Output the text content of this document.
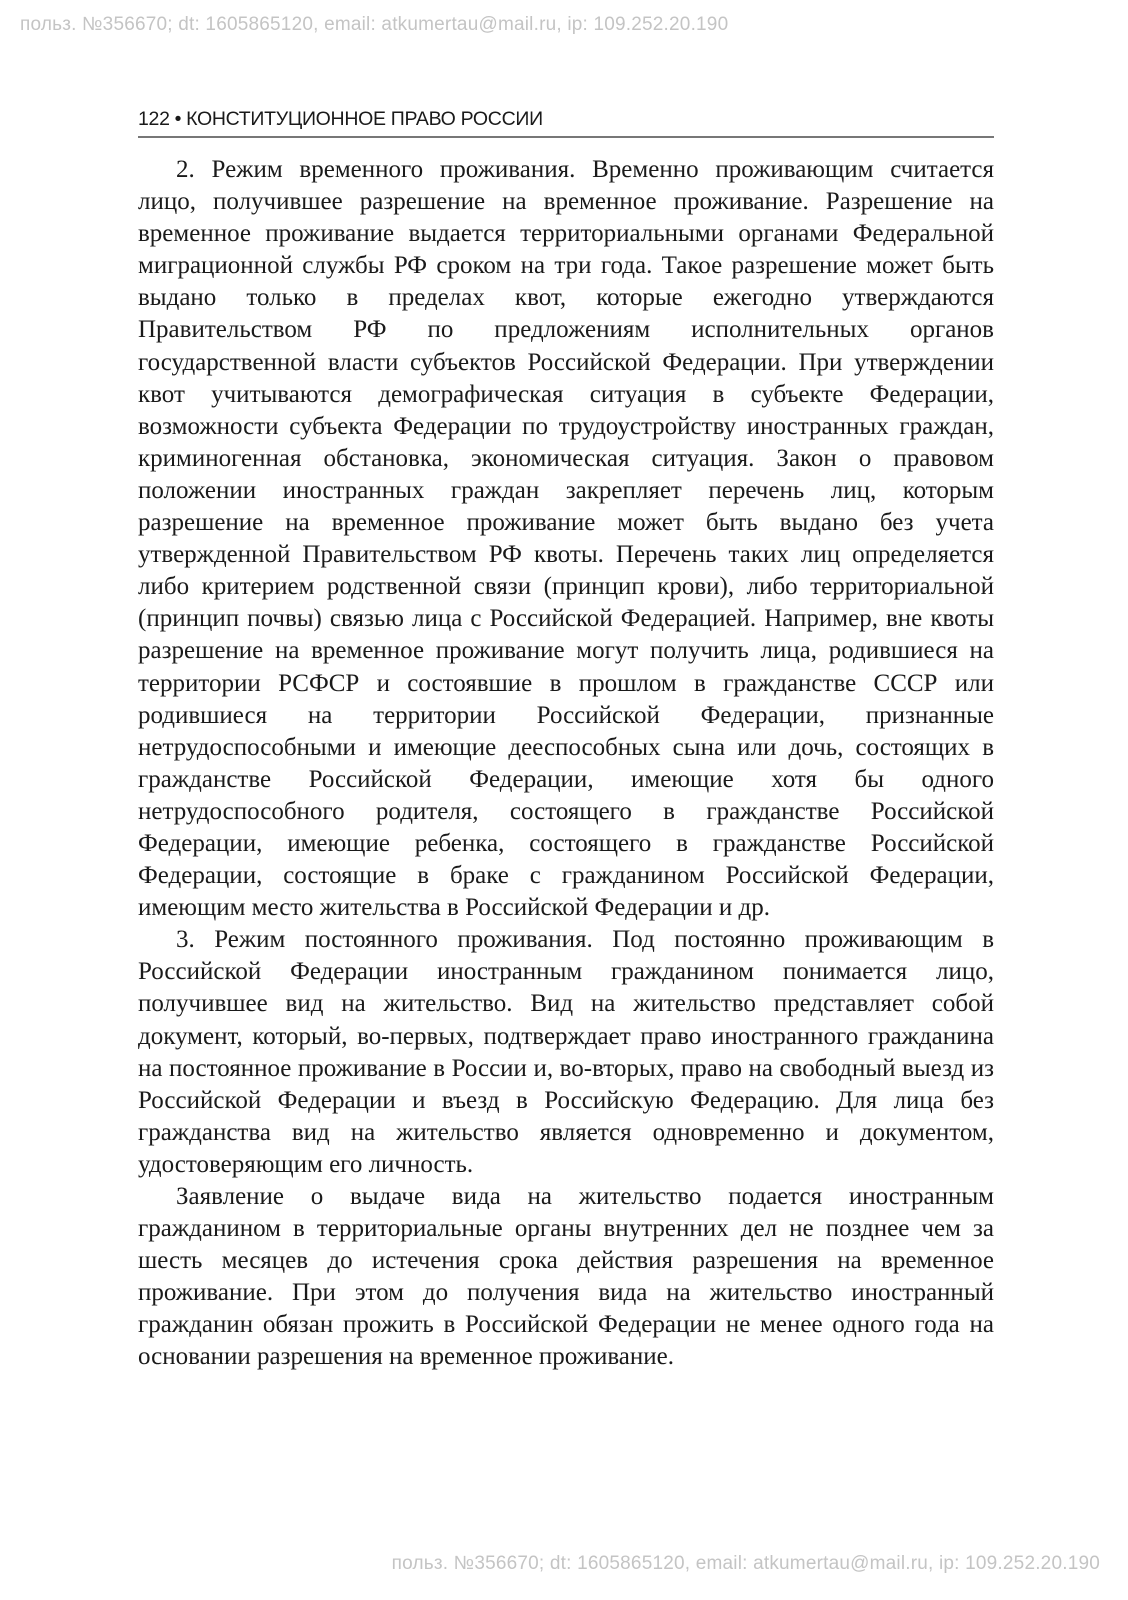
польз. №356670; dt: 1605865120, email: atkumertau@mail.ru, ip: 109.252.20.190
122 • КОНСТИТУЦИОННОЕ ПРАВО РОССИИ

2. Режим временного проживания. Временно проживающим считается лицо, получившее разрешение на временное проживание. Разрешение на временное проживание выдается территориальными органами Федеральной миграционной службы РФ сроком на три года. Такое разрешение может быть выдано только в пределах квот, которые ежегодно утверждаются Правительством РФ по предложениям исполнительных органов государственной власти субъектов Российской Федерации. При утверждении квот учитываются демографическая ситуация в субъекте Федерации, возможности субъекта Федерации по трудоустройству иностранных граждан, криминогенная обстановка, экономическая ситуация. Закон о правовом положении иностранных граждан закрепляет перечень лиц, которым разрешение на временное проживание может быть выдано без учета утвержденной Правительством РФ квоты. Перечень таких лиц определяется либо критерием родственной связи (принцип крови), либо территориальной (принцип почвы) связью лица с Российской Федерацией. Например, вне квоты разрешение на временное проживание могут получить лица, родившиеся на территории РСФСР и состоявшие в прошлом в гражданстве СССР или родившиеся на территории Российской Федерации, признанные нетрудоспособными и имеющие дееспособных сына или дочь, состоящих в гражданстве Российской Федерации, имеющие хотя бы одного нетрудоспособного родителя, состоящего в гражданстве Российской Федерации, имеющие ребенка, состоящего в гражданстве Российской Федерации, состоящие в браке с гражданином Российской Федерации, имеющим место жительства в Российской Федерации и др.

3. Режим постоянного проживания. Под постоянно проживающим в Российской Федерации иностранным гражданином понимается лицо, получившее вид на жительство. Вид на жительство представляет собой документ, который, во-первых, подтверждает право иностранного гражданина на постоянное проживание в России и, во-вторых, право на свободный выезд из Российской Федерации и въезд в Российскую Федерацию. Для лица без гражданства вид на жительство является одновременно и документом, удостоверяющим его личность.

Заявление о выдаче вида на жительство подается иностранным гражданином в территориальные органы внутренних дел не позднее чем за шесть месяцев до истечения срока действия разрешения на временное проживание. При этом до получения вида на жительство иностранный гражданин обязан прожить в Российской Федерации не менее одного года на основании разрешения на временное проживание.

польз. №356670; dt: 1605865120, email: atkumertau@mail.ru, ip: 109.252.20.190
